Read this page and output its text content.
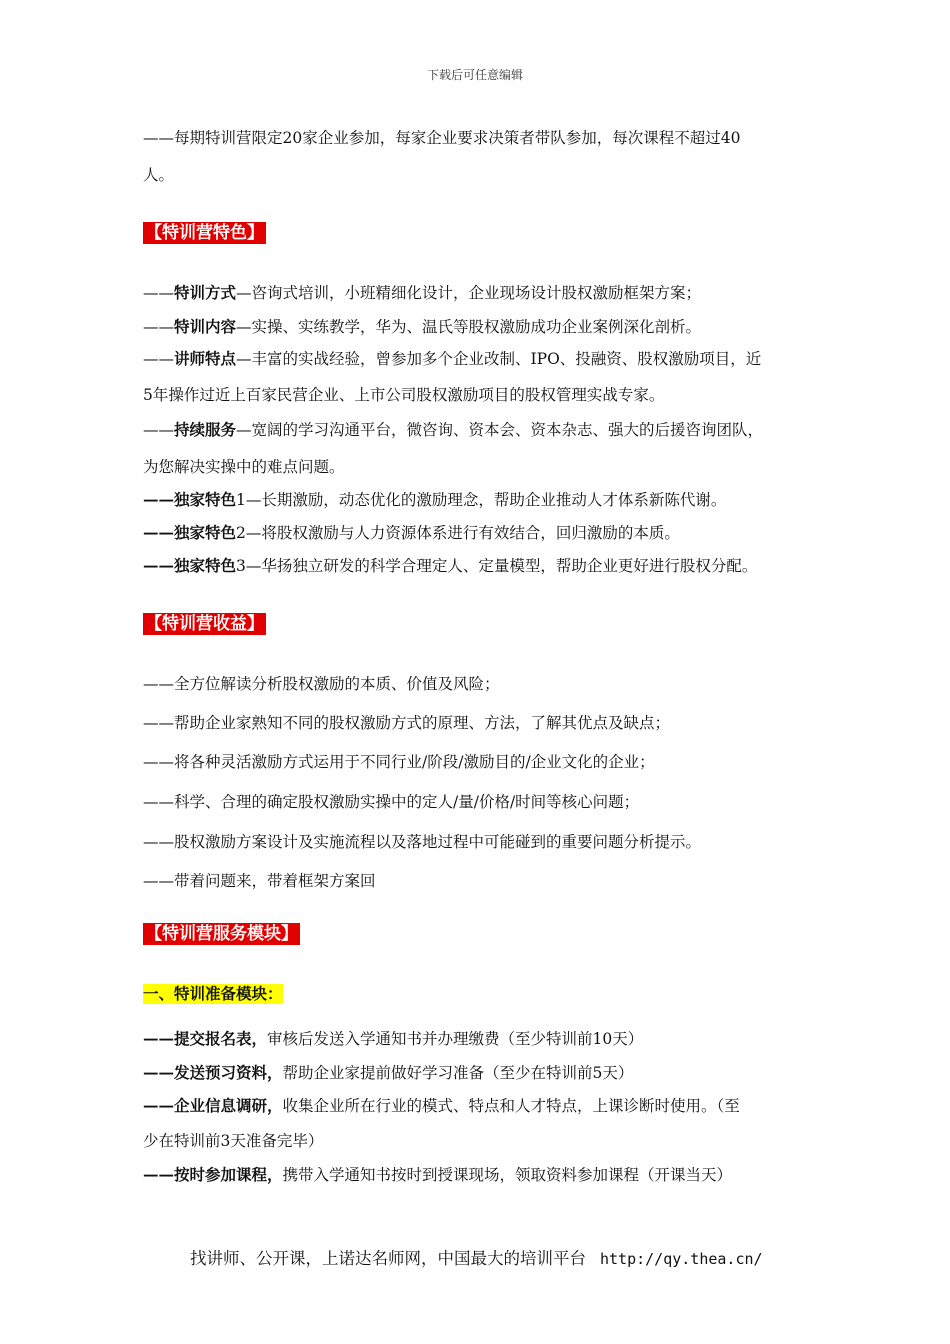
下载后可任意编辑
——每期特训营限定20家企业参加，每家企业要求决策者带队参加，每次课程不超过40
人。
【特训营特色】
——特训方式—咨询式培训，小班精细化设计，企业现场设计股权激励框架方案；
——特训内容—实操、实练教学，华为、温氏等股权激励成功企业案例深化剖析。
——讲师特点—丰富的实战经验，曾参加多个企业改制、IPO、投融资、股权激励项目，近
5年操作过近上百家民营企业、上市公司股权激励项目的股权管理实战专家。
——持续服务—宽阔的学习沟通平台，微咨询、资本会、资本杂志、强大的后援咨询团队，
为您解决实操中的难点问题。
——独家特色1—长期激励，动态优化的激励理念，帮助企业推动人才体系新陈代谢。
——独家特色2—将股权激励与人力资源体系进行有效结合，回归激励的本质。
——独家特色3—华扬独立研发的科学合理定人、定量模型，帮助企业更好进行股权分配。
【特训营收益】
——全方位解读分析股权激励的本质、价值及风险；
——帮助企业家熟知不同的股权激励方式的原理、方法，了解其优点及缺点；
——将各种灵活激励方式运用于不同行业/阶段/激励目的/企业文化的企业；
——科学、合理的确定股权激励实操中的定人/量/价格/时间等核心问题；
——股权激励方案设计及实施流程以及落地过程中可能碰到的重要问题分析提示。
——带着问题来，带着框架方案回
【特训营服务模块】
一、特训准备模块：
——提交报名表，审核后发送入学通知书并办理缴费（至少特训前10天）
——发送预习资料，帮助企业家提前做好学习准备（至少在特训前5天）
——企业信息调研，收集企业所在行业的模式、特点和人才特点，上课诊断时使用。（至
少在特训前3天准备完毕）
——按时参加课程，携带入学通知书按时到授课现场，领取资料参加课程（开课当天）
找讲师、公开课，上诺达名师网，中国最大的培训平台 http://qy.thea.cn/
